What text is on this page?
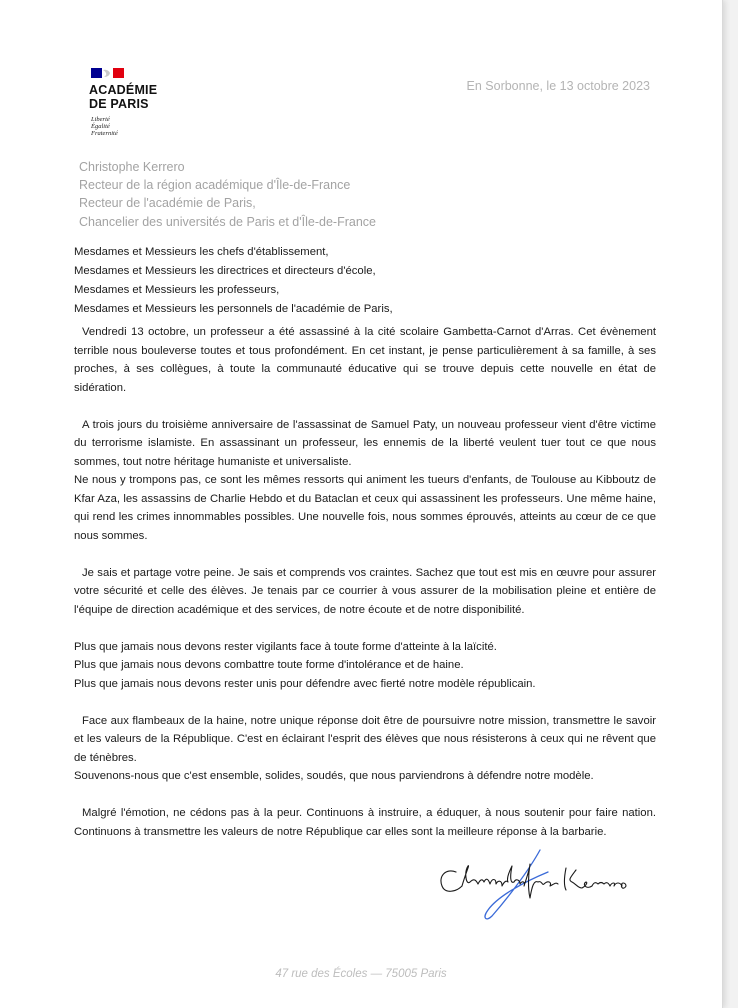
ACADÉMIE
DE PARIS
Liberté
Égalité
Fraternité
En Sorbonne, le 13 octobre 2023
Christophe Kerrero
Recteur de la région académique d'Île-de-France
Recteur de l'académie de Paris,
Chancelier des universités de Paris et d'Île-de-France
Mesdames et Messieurs les chefs d'établissement,
Mesdames et Messieurs les directrices et directeurs d'école,
Mesdames et Messieurs les professeurs,
Mesdames et Messieurs les personnels de l'académie de Paris,

Vendredi 13 octobre, un professeur a été assassiné à la cité scolaire Gambetta-Carnot d'Arras. Cet évènement terrible nous bouleverse toutes et tous profondément. En cet instant, je pense particulièrement à sa famille, à ses proches, à ses collègues, à toute la communauté éducative qui se trouve depuis cette nouvelle en état de sidération.

A trois jours du troisième anniversaire de l'assassinat de Samuel Paty, un nouveau professeur vient d'être victime du terrorisme islamiste. En assassinant un professeur, les ennemis de la liberté veulent tuer tout ce que nous sommes, tout notre héritage humaniste et universaliste.

Ne nous y trompons pas, ce sont les mêmes ressorts qui animent les tueurs d'enfants, de Toulouse au Kibboutz de Kfar Aza, les assassins de Charlie Hebdo et du Bataclan et ceux qui assassinent les professeurs. Une même haine, qui rend les crimes innommables possibles. Une nouvelle fois, nous sommes éprouvés, atteints au cœur de ce que nous sommes.

Je sais et partage votre peine. Je sais et comprends vos craintes. Sachez que tout est mis en œuvre pour assurer votre sécurité et celle des élèves. Je tenais par ce courrier à vous assurer de la mobilisation pleine et entière de l'équipe de direction académique et des services, de notre écoute et de notre disponibilité.

Plus que jamais nous devons rester vigilants face à toute forme d'atteinte à la laïcité.

Plus que jamais nous devons combattre toute forme d'intolérance et de haine.

Plus que jamais nous devons rester unis pour défendre avec fierté notre modèle républicain.

Face aux flambeaux de la haine, notre unique réponse doit être de poursuivre notre mission, transmettre le savoir et les valeurs de la République. C'est en éclairant l'esprit des élèves que nous résisterons à ceux qui ne rêvent que de ténèbres.

Souvenons-nous que c'est ensemble, solides, soudés, que nous parviendrons à défendre notre modèle.

Malgré l'émotion, ne cédons pas à la peur. Continuons à instruire, a éduquer, à nous soutenir pour faire nation. Continuons à transmettre les valeurs de notre République car elles sont la meilleure réponse à la barbarie.

47 rue des Écoles — 75005 Paris
